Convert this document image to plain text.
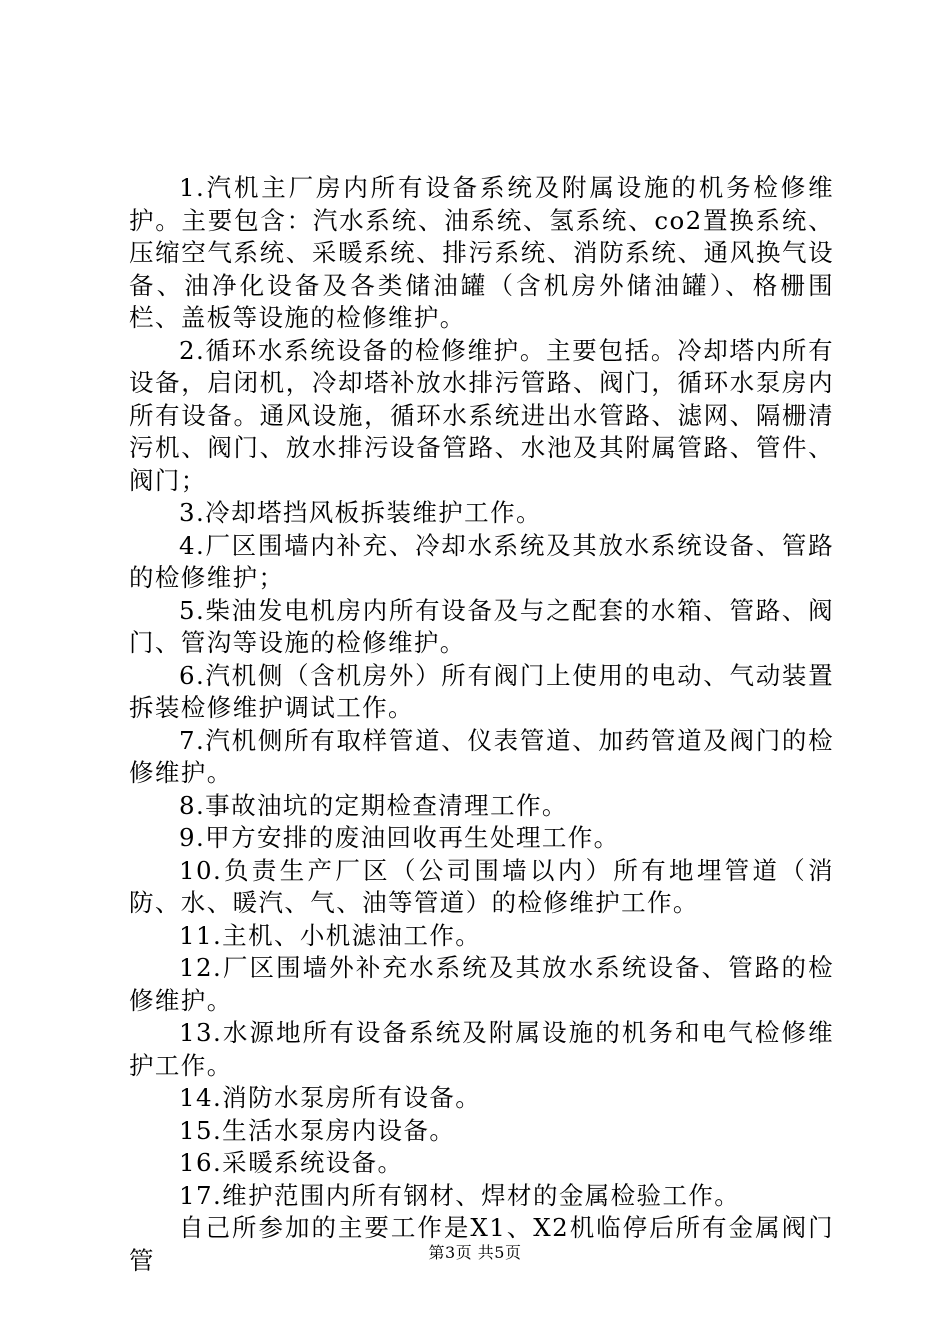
1.汽机主厂房内所有设备系统及附属设施的机务检修维护。主要包含：汽水系统、油系统、氢系统、co2置换系统、压缩空气系统、采暖系统、排污系统、消防系统、通风换气设备、油净化设备及各类储油罐（含机房外储油罐）、格栅围栏、盖板等设施的检修维护。

2.循环水系统设备的检修维护。主要包括。冷却塔内所有设备，启闭机，冷却塔补放水排污管路、阀门，循环水泵房内所有设备。通风设施，循环水系统进出水管路、滤网、隔栅清污机、阀门、放水排污设备管路、水池及其附属管路、管件、阀门；

3.冷却塔挡风板拆装维护工作。

4.厂区围墙内补充、冷却水系统及其放水系统设备、管路的检修维护；

5.柴油发电机房内所有设备及与之配套的水箱、管路、阀门、管沟等设施的检修维护。

6.汽机侧（含机房外）所有阀门上使用的电动、气动装置拆装检修维护调试工作。

7.汽机侧所有取样管道、仪表管道、加药管道及阀门的检修维护。

8.事故油坑的定期检查清理工作。

9.甲方安排的废油回收再生处理工作。

10.负责生产厂区（公司围墙以内）所有地埋管道（消防、水、暖汽、气、油等管道）的检修维护工作。

11.主机、小机滤油工作。

12.厂区围墙外补充水系统及其放水系统设备、管路的检修维护。

13.水源地所有设备系统及附属设施的机务和电气检修维护工作。

14.消防水泵房所有设备。

15.生活水泵房内设备。

16.采暖系统设备。

17.维护范围内所有钢材、焊材的金属检验工作。

自己所参加的主要工作是X1、X2机临停后所有金属阀门管	第3页 共5页
